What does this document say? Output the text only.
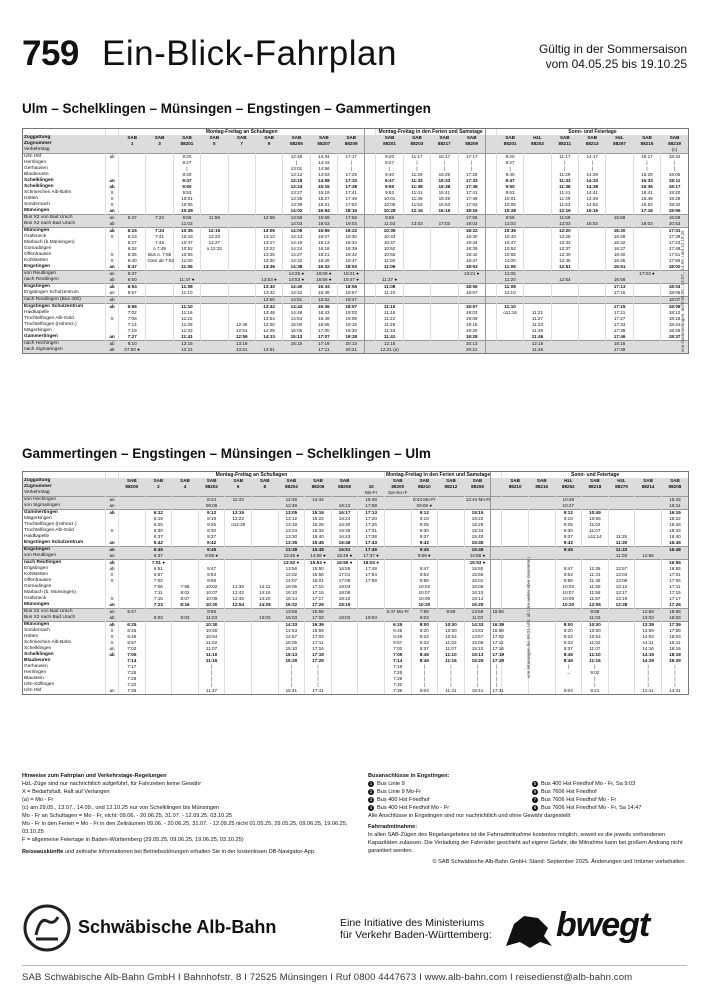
759 Ein-Blick-Fahrplan	Gültig in der Sommersaison
vom 04.05.25 bis 19.10.25
Ulm – Schelklingen – Münsingen – Engstingen – Gammertingen
		Montag-Freitag an Schultagen										Montag-Freitag in den Ferien und Samstage					Sonn- und Feiertage						
Zuggattung		SAB	SAB	SAB	SAB	SAB	SAB	SAB	SAB	SAB		SAB	SAB	SAB	SAB		SAB	HzL	SAB	SAB	HzL	SAB	SAB
Zugnummer		1	3	88201	5	7	9	88205	88207	88209		88201	88203	88217	88209		88201	88203	88211	88213	88267	88215	88219
Verkehrstag																							(c)
Ulm Hbf	ab			9:20				12:48	14:34	17:17		9:20	11:17	15:17	17:17		9:20		11:17	14:17		16:17	18:42
Herrlingen				9:27				|	14:43	|		9:27	|	|	|		9:27		|	|		|	|
Gerhausen				|				13:01	14:56	|		|	|	|	|		|		|	|		|	|
Blaubeuren				9:40				13:12	14:53	17:29		9:40	11:29	15:29	17:29		9:40		11:29	14:29		16:29	19:05
Schelklingen	an			9:47				13:18	14:58	17:33		9:47	11:33	15:33	17:33		9:47		11:33	14:33		16:33	19:11
Schelklingen	ab			9:50				13:24	15:16	17:38		9:50	11:38	15:38	17:38		9:50		11:38	14:38		16:36	19:17
Schmiechen Alb-Bahn	X			9:53				13:27	15:19	17:41		9:53	11:41	15:41	17:41		9:53		11:41	14:41		16:41	19:20
Hütten	X			10:01				13:35	15:27	17:49		10:01	11:49	15:49	17:49		10:01		11:49	14:49		16:49	19:28
Sondernach	X			10:05				13:39	15:31	17:53		10:05	11:53	15:53	17:53		10:05		11:53	14:53		16:53	19:32
Münsingen	an			10:28				14:02	15:54	18:16		10:28	12:16	16:16	18:16		10:28		12:16	15:16		17:16	19:55
Bus X2 von Bad Urach	an	5:47	7:22	9:58	11:58		12:58	13:58	15:58	17:58		9:58			17:58		9:58		11:58		15:58		16:58
Bus X2 nach Bad Urach	ab			11:03				14:03	16:03	19:03		11:03	13:03	17:03	19:03		11:03		13:03	16:03		18:03	20:53
Münsingen	ab	6:15	7:33	10:35	12:15		13:05	14:05	15:59	18:22		10:35			18:22		10:35		12:20		16:20		17:31
Grafeneck	X	6:23	7:41	10:43	12:23		13:13	14:13	16:07	18:30		10:43			18:30		10:43		12:28		16:28		17:39
Marbach (b.Münsingen)		6:27	7:45	10:47	12:27		13:17	14:19	16:13	18:34		10:47			18:34		10:47		12:32		16:32		17:43
Gomadingen		6:32	o 7:49	10:52	o 12:32		13:22	14:24	16:18	18:39		10:52			18:39		10:52		12:37		16:37		17:48
Offenhausen	X	6:35	Bus o. 7:55	10:55			13:25	14:27	16:21	18:42		10:55			18:42		10:55		12:40		16:40		17:51
Kohlstetten	X	6:40	Gam ab 7:53	11:00			13:30	14:32	16:26	18:47		11:00			18:47		11:00		12:45		16:45		17:56
Engstingen	an	6:47		11:06			13:36	14:38	16:32	18:53		11:06			18:53		11:06		12:51		16:51		18:02
von Reutlingen	an	6:37						14:25 ●	16:09 ●	18:21 ●					18:21 ●		11:05					17:03 ●	
nach Reutlingen	ab	6:50		11:47 ●			13:53 ●	14:53 ●	16:56 ●	19:47 ●		11:37 ●					11:20		12:54		16:58		
Engstingen	ab	6:54		11:08			13:40	14:40	16:34	18:55		11:08			18:55		11:08				17:13		18:04
Engstingen Schulzentrum	an	6:57		11:10			13:42	14:42	16:36	18:57		11:10			18:57		11:10				17:15		18:06
nach Reutlingen (Bus 400)	ab						13:50	14:51	16:52	19:47													18:07
Engstingen Schulzentrum	ab	6:56		11:10			13:42	14:42	16:36	18:57		11:10			18:57		11:10				17:15		18:06
Haidkapelle		7:02		11:16			13:48	14:48	16:43	19:03		11:16			19:03		o11:16	11:21			17:21		18:12
Trochtelfingen Alb-Gold	X	7:08		11:22			13:54	14:54	16:49	19:09		11:22			19:09			11:27			17:27		18:18
Trochtelfingen (Hohenz.)		7:14		11:28		12:46	14:00	15:00	16:55	19:15		11:28			19:15			11:33			17:33		18:24
Mägerkingen		7:19		11:33		12:51	14:05	15:05	17:00	19:20		11:33			19:20			11:38			17:38		18:29
Gammertingen	an	7:27		11:41		12:59	14:13	15:13	17:07	19:28		11:41			19:28			11:46			17:46		18:37
nach Hechingen	ab	8:10		12:15		13:19		16:15	17:19	20:13		12:15			20:13			12:15			18:15		
nach Sigmaringen	ab	07:50 ●		12:21		13:51	14:51		17:11	20:21		12:21 (a)			20:21			11:48			17:48			von Gammertingen, nicht 05.05., 13.07., 14.09. und 12.10.25
Gammertingen – Engstingen – Münsingen – Schelklingen – Ulm
		Montag-Freitag an Schultagen										Montag-Freitag in den Ferien und Samstage					Sonn- und Feiertage						
Zuggattung		SAB	SAB	SAB	SAB	SAB	SAB	SAB	SAB	SAB		SAB	SAB	SAB	SAB		SAB	SAB	HzL	SAB	HzL	SAB	SAB
Zugnummer		88200	2	4	88202	6	8	88204	88206	88208	10	88200	88210	88212	88206		88210	88216	88252	88218	88270	88214	88208
Verkehrstag											Mo-Fr	Sa+So+F											
von Hechingen	an				8:44	11:43		12:46	14:44		16:48		8:44 Mo-Fr		14:44 Mo-Fr				10:48				15:43
von Sigmaringen	an				09:06			12:49		16:13	17:08		09:06 ●						10:47				16:11
Gammertingen	ab		6:12		9:12	12:15		13:05	15:15	16:17	17:13		9:12		15:15				9:12	10:49			16:15
Mägerkingen			6:19		9:19	12:22		13:12	15:22	16:24	17:20		9:19		15:22				9:19	10:56			16:22
Trochtelfingen (Hohenz.)			6:25		9:25	o12:28		13:18	15:28	16:30	17:26		9:25		15:28				9:25	11:02			16:28
Trochtelfingen Alb-Gold	X		6:30		9:30			13:23	15:33	16:35	17:31		9:30		15:33				9:30	11:07			16:33
Haidkapelle			6:37		9:37			13:30	15:40	16:43	17:38		9:37		15:40				9:37	o11:14	11:25		16:40
Engstingen Schulzentrum	an		6:42		9:42			13:35	15:45	16:48	17:43		9:42		15:45				9:42		11:30		16:45
Engstingen	an		6:45		9:45			13:38	15:48	16:51	17:46		9:45		15:48				9:45		11:33		16:48
von Reutlingen	an		6:37		9:08 ●			13:48 ●	14:58 ●	16:48 ●	17:37 ●		9:08 ●		14:58 ●						11:03	12:56	
nach Reutlingen	ab		7:01 ●					13:52 ●	15:53 ●	16:56 ●	18:03 ●				15:53 ●								16:55
Engstingen	ab		6:51		9:47			13:56	15:50	16:55	17:48		9:47		15:50				9:47	11:35	12:57		16:55
Kohlstetten	X		6:57		9:53			14:02	15:56	17:01	17:54		9:53		15:56				9:53	11:41	13:03		17:01
Offenhausen	X		7:02		9:58			14:07	16:01	17:06	17:59		9:58		16:01				9:58	11:46	13:08		17:06
Gomadingen			7:06	7:58	10:02	12:38	14:11	16:05	17:10	18:03			10:02		16:05				10:02	11:50	13:12		17:11
Marbach (b. Münsingen)			7:11	8:02	10:07	12:42	14:16	16:10	17:15	18:08			10:07		16:10				10:07	11:55	13:17		17:15
Grafeneck	X		7:15	8:07	10:09	12:46	14:20	16:14	17:17	18:10			10:09		16:14				10:09	11:57	13:19		17:17
Münsingen	an		7:23	8:16	10:20	12:54	14:28	16:22	17:26	18:19			10:20		16:25				10:20	12:06	13:28		17:26
Bus X2 von Bad Urach	an	5:47			9:58			13:58	15:58			5:47 Mo-Fr	7:58	9:58	13:58	15:58				9:58		12:58	16:58
Bus X2 nach Bad Urach	ab		8:03	9:03	11:03		13:03	15:03	17:03	18:03	19:03		8:03		11:03					11:03		13:03	18:03
Münsingen	ab	6:25			10:30			14:33	16:39			6:25	8:00	10:30	14:33	16:39			8:00	10:30		13:39	17:39
Sondernach	X	6:45			10:50			14:53	16:59			6:45	8:20	10:50	14:53	16:59			8:20	10:50		13:59	17:59
Hütten	X	6:49			10:54			14:57	17:03			6:49	8:24	10:54	14:57	17:03			8:24	10:54		14:03	16:03
Schmiechen Alb-Bahn	X	6:57			11:02			15:05	17:11			6:57	8:32	11:02	15:05	17:11			8:32	11:02		14:11	18:11
Schelklingen	an	7:02			11:07			15:10	17:16			7:02	8:37	11:07	15:10	17:16			8:37	11:07		14:16	16:16
Schelklingen	ab	7:05			11:10			15:13	17:19			7:05	8:46	11:10	15:13	17:19			8:46	11:10		14:19	18:19
Blaubeuren		7:14			11:16			15:29	17:29			7:14	8:46	11:16	15:29	17:29			8:46	11:16		14:29	16:29
Gerhausen		7:17			|			|	|			7:18	|	|	|	|			|	|		|	|
Herrlingen		7:25			|			|	|			7:25	|	|	|	|			→	9:02		|	|
Blaustein		7:28			|			|	|			7:28	|	|	|	|				|		|	|
Ulm-Söflingen		7:32			|			|	|			7:32	|	|	|	|				|		|	|
Ulm Hbf	an	7:36			11:37			15:41	17:41			7:36	9:04	11:41	15:41	17:41			9:04	9:21		11:41	14:41
von Münsingen bis 09:21 Uhr, ab Ulm weiter über Gerstetten
Hinweise zum Fahrplan und Verkehrstage-Regelungen
HzL-Züge sind nur nachrichtlich aufgeführt, für Fahrzeiten keine Gewähr
X = Bedarfshalt, Halt auf Verlangen
(a) = Mo - Fr
(c) am 29.05., 13.07., 14.09., und 12.10.25 nur von Schelklingen bis Münsingen
Mo - Fr an Schultagen = Mo - Fr, nicht: 09.06. - 20.06.25, 31.07. - 12.09.25, 03.10.25
Mo - Fr in den Ferien = Mo - Fr in den Zeiträumen 09.06. - 20.06.25, 31.07. - 12.09.25 nicht 01.05.25, 29.05.25, 09.06.25, 19.06.25, 03.10.25
F = allgemeine Feiertage in Baden-Württemberg (29.05.25, 09.06.25, 19.06.25, 03.10.25)
Reiseauskünfte und zeitnahe Informationen bei Betriebsstörungen erhalten Sie in der kostenlosen DB-Navigator-App.
Busanschlüsse in Engstingen:
1 Bus Linie 9	5 Bus 400 Hst Friedhof Mo - Fr, Sa 9:03
2 Bus Linie 9 Mo-Fr	6 Bus 7606 Hst Friedhof
3 Bus 400 Hst Friedhof	7 Bus 7606 Hst Friedhof Mo - Fr
4 Bus 400 Hst Friedhof Mo - Fr	8 Bus 7606 Hst Friedhof Mo - Fr, Sa 14:47
Alle Anschlüsse in Engstingen sind nur nachrichtlich und ohne Gewähr dargestellt
Fahrradmitnahme:
In allen SAB-Zügen des Regelangebotes ist die Fahrradmitnahme kostenlos möglich, soweit es die jeweils vorhandenen Kapazitäten zulassen. Die Verladung der Fahrräder geschieht auf eigene Gefahr, die Mitnahme kann bei großem Andrang nicht garantiert werden.
© SAB Schwäbische Alb-Bahn GmbH. Stand: September 2025. Änderungen und Irrtümer vorbehalten.
Schwäbische Alb-Bahn	Eine Initiative des Ministeriums
für Verkehr Baden-Württemberg: bwegt
SAB Schwäbische Alb-Bahn GmbH I Bahnhofstr. 8 I 72525 Münsingen I Ruf 0800 4447673 I www.alb-bahn.com I reisedienst@alb-bahn.com
